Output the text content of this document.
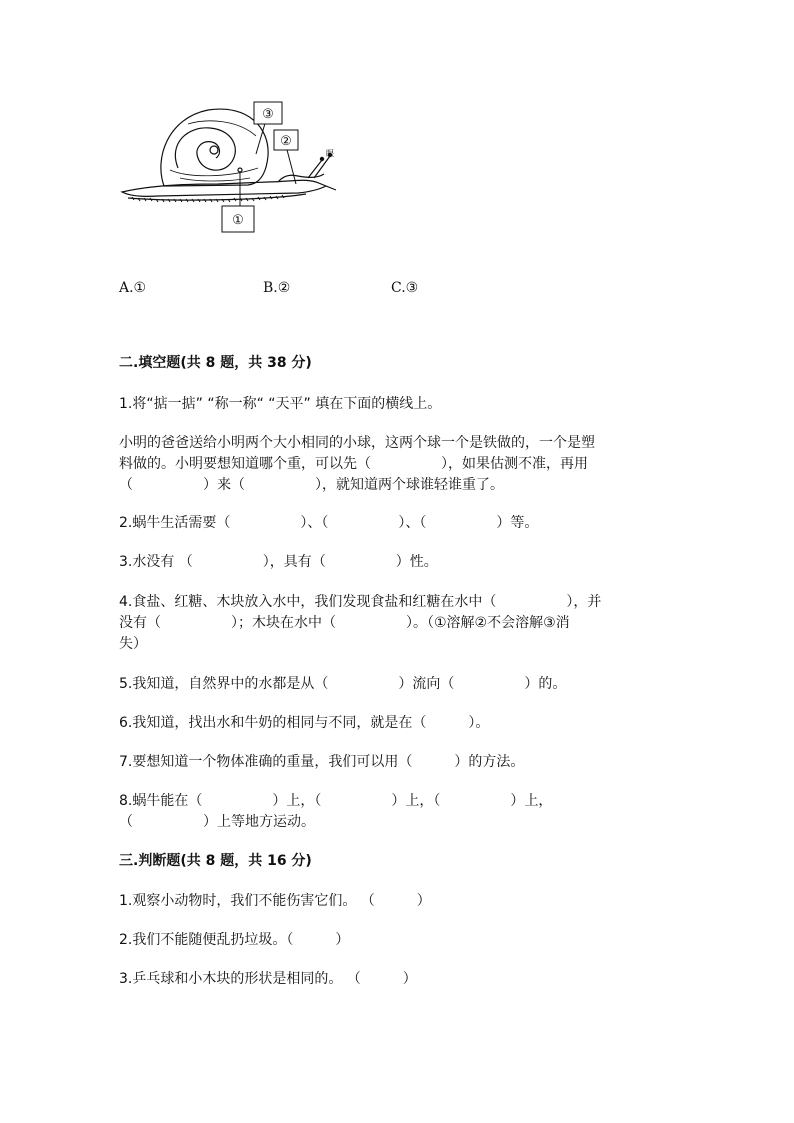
①
③
②
眼
A.①	B.②	C.③
二.填空题(共 8 题，共 38 分)
1.将“掂一掂” “称一称“ “天平” 填在下面的横线上。
小明的爸爸送给小明两个大小相同的小球，这两个球一个是铁做的，一个是塑
料做的。小明要想知道哪个重，可以先（　　　　　），如果估测不准，再用
（　　　　　）来（　　　　　），就知道两个球谁轻谁重了。
2.蜗牛生活需要（　　　　　）、（　　　　　）、（　　　　　）等。
3.水没有 （　　　　　），具有（　　　　　）性。
4.食盐、红糖、木块放入水中，我们发现食盐和红糖在水中（　　　　　），并
没有（　　　　　）；木块在水中（　　　　　）。（①溶解②不会溶解③消
失）
5.我知道，自然界中的水都是从（　　　　　）流向（　　　　　）的。
6.我知道，找出水和牛奶的相同与不同，就是在（　　　）。
7.要想知道一个物体准确的重量，我们可以用（　　　）的方法。
8.蜗牛能在（　　　　　）上，（　　　　　）上，（　　　　　）上，
（　　　　　）上等地方运动。
三.判断题(共 8 题，共 16 分)
1.观察小动物时，我们不能伤害它们。 （　　　）
2.我们不能随便乱扔垃圾。（　　　）
3.乒乓球和小木块的形状是相同的。 （　　　）
